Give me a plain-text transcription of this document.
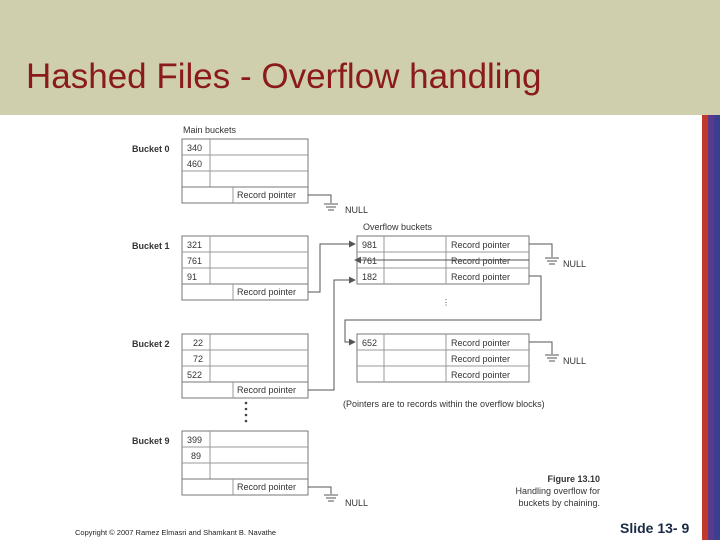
Hashed Files - Overflow handling
Main buckets
Overflow buckets
Bucket 0 340
460
Record pointer
NULL
Bucket 1 321
761
91
Record pointer
981
761
182
Record pointer
Record pointer
Record pointer
NULL
⋮
Bucket 2	22
72
522
Record pointer
652	Record pointer
Record pointer
Record pointer
NULL
(Pointers are to records within the overflow blocks)
Bucket 9 399
89
Record pointer
NULL
Figure 13.10
Handling overflow for
buckets by chaining.
Copyright © 2007 Ramez Elmasri and Shamkant B. Navathe	Slide 13- 9
